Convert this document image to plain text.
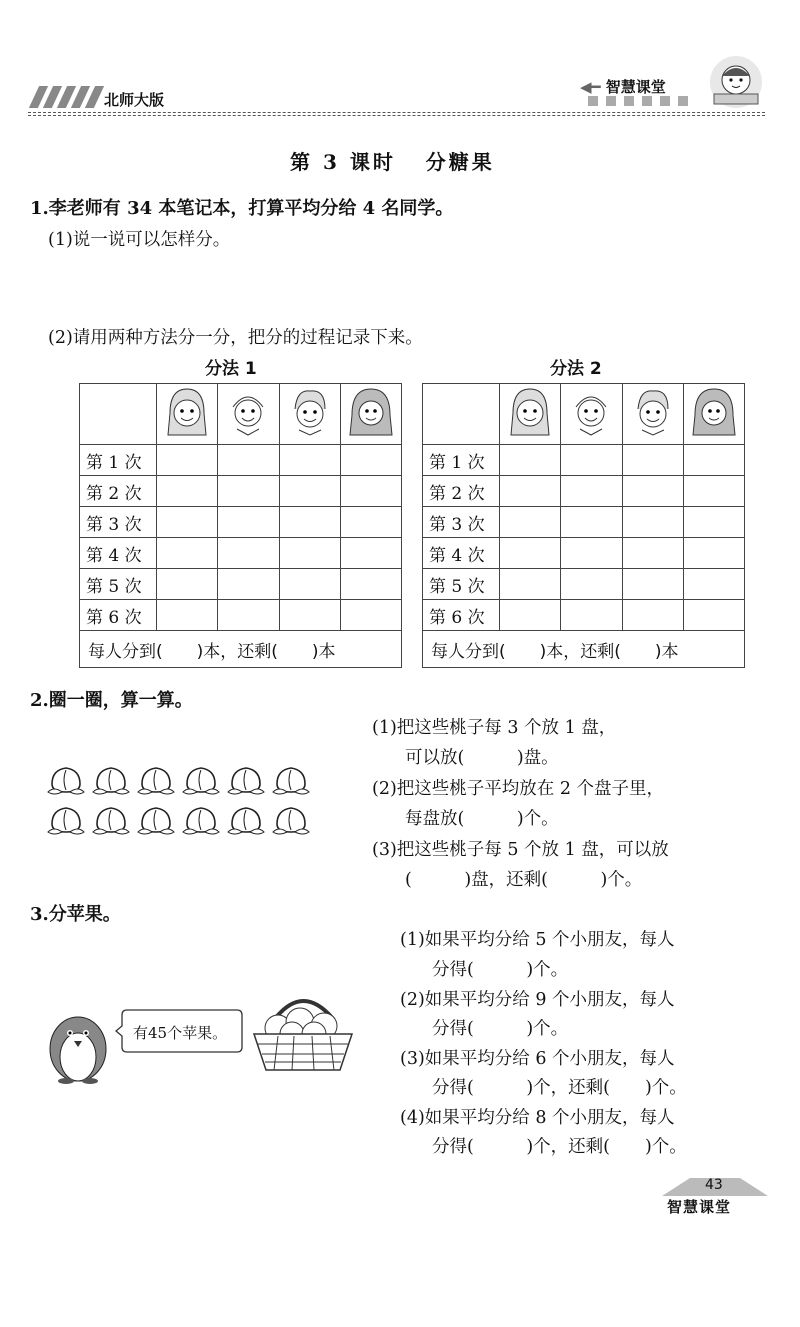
北师大版
◀━ 智慧课堂
第 3 课时 分糖果
1.李老师有 34 本笔记本，打算平均分给 4 名同学。
(1)说一说可以怎样分。
(2)请用两种方法分一分，把分的过程记录下来。
分法 1	分法 2

第 1 次				
第 2 次				
第 3 次				
第 4 次				
第 5 次				
第 6 次				
每人分到(　　)本，还剩(　　)本				

第 1 次				
第 2 次				
第 3 次				
第 4 次				
第 5 次				
第 6 次				
每人分到(　　)本，还剩(　　)本				
2.圈一圈，算一算。
(1)把这些桃子每 3 个放 1 盘，
可以放(　　　)盘。
(2)把这些桃子平均放在 2 个盘子里，
每盘放(　　　)个。
(3)把这些桃子每 5 个放 1 盘，可以放
(　　　)盘，还剩(　　　)个。
3.分苹果。
有45个苹果。
(1)如果平均分给 5 个小朋友，每人
分得(　　　)个。
(2)如果平均分给 9 个小朋友，每人
分得(　　　)个。
(3)如果平均分给 6 个小朋友，每人
分得(　　　)个，还剩(　　)个。
(4)如果平均分给 8 个小朋友，每人
分得(　　　)个，还剩(　　)个。
43
智慧课堂
